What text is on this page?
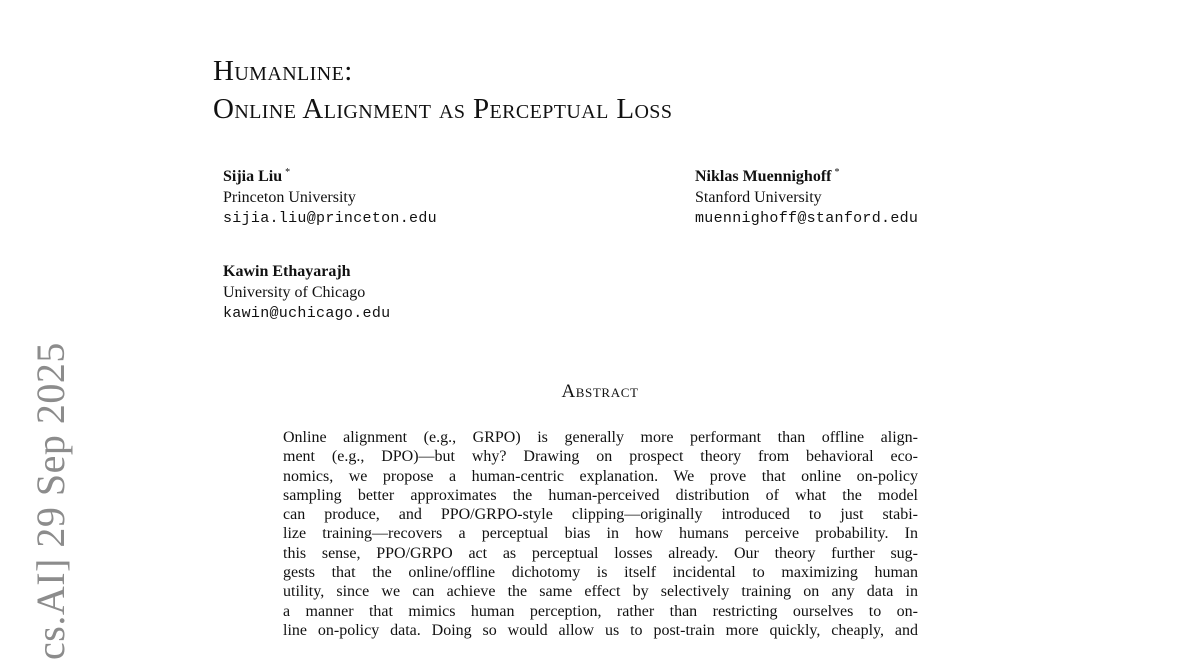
Humanline:
Online Alignment as Perceptual Loss
Sijia Liu *
Princeton University
sijia.liu@princeton.edu
Niklas Muennighoff *
Stanford University
muennighoff@stanford.edu
Kawin Ethayarajh
University of Chicago
kawin@uchicago.edu
Abstract
Online alignment (e.g., GRPO) is generally more performant than offline align-
ment (e.g., DPO)—but why? Drawing on prospect theory from behavioral eco-
nomics, we propose a human-centric explanation. We prove that online on-policy
sampling better approximates the human-perceived distribution of what the model
can produce, and PPO/GRPO-style clipping—originally introduced to just stabi-
lize training—recovers a perceptual bias in how humans perceive probability. In
this sense, PPO/GRPO act as perceptual losses already. Our theory further sug-
gests that the online/offline dichotomy is itself incidental to maximizing human
utility, since we can achieve the same effect by selectively training on any data in
a manner that mimics human perception, rather than restricting ourselves to on-
line on-policy data. Doing so would allow us to post-train more quickly, cheaply, and
cs.AI] 29 Sep 2025
